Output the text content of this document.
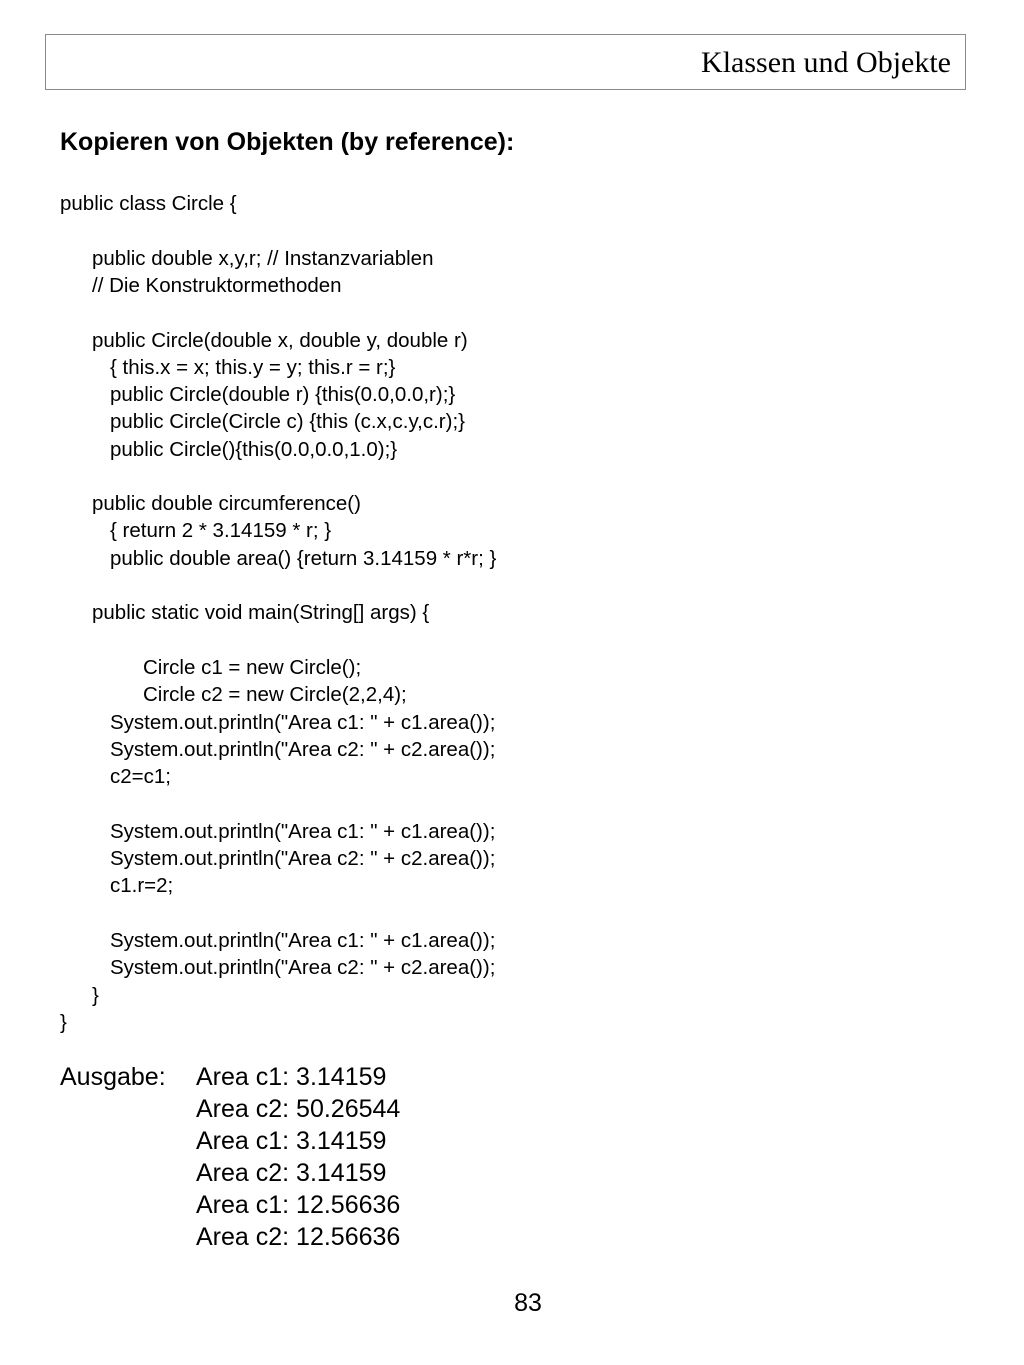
Klassen und Objekte
Kopieren von Objekten (by reference):
public class Circle {
public double x,y,r; // Instanzvariablen
// Die Konstruktormethoden
public Circle(double x, double y, double r)
{ this.x = x; this.y = y; this.r = r;}
public Circle(double r) {this(0.0,0.0,r);}
public Circle(Circle c) {this (c.x,c.y,c.r);}
public Circle(){this(0.0,0.0,1.0);}
public double circumference()
{ return 2 * 3.14159 * r; }
public double area() {return 3.14159 * r*r; }
public static void main(String[] args) {
Circle c1 = new Circle();
Circle c2 = new Circle(2,2,4);
System.out.println("Area c1: " + c1.area());
System.out.println("Area c2: " + c2.area());
c2=c1;
System.out.println("Area c1: " + c1.area());
System.out.println("Area c2: " + c2.area());
c1.r=2;
System.out.println("Area c1: " + c1.area());
System.out.println("Area c2: " + c2.area());
}
}
Ausgabe: Area c1: 3.14159
Area c2: 50.26544
Area c1: 3.14159
Area c2: 3.14159
Area c1: 12.56636
Area c2: 12.56636
83
